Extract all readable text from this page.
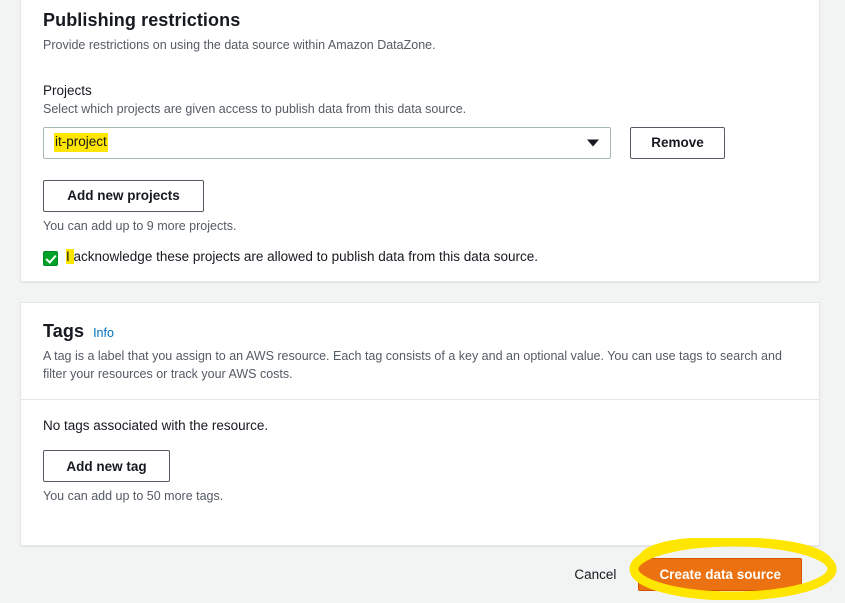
Publishing restrictions

Provide restrictions on using the data source within Amazon DataZone.

Projects

Select which projects are given access to publish data from this data source.

it-project	Remove
Add new projects

You can add up to 9 more projects.

I acknowledge these projects are allowed to publish data from this data source.
Tags Info

A tag is a label that you assign to an AWS resource. Each tag consists of a key and an optional value. You can use tags to search and filter your resources or track your AWS costs.

No tags associated with the resource.

Add new tag

You can add up to 50 more tags.

Cancel	Create data source
